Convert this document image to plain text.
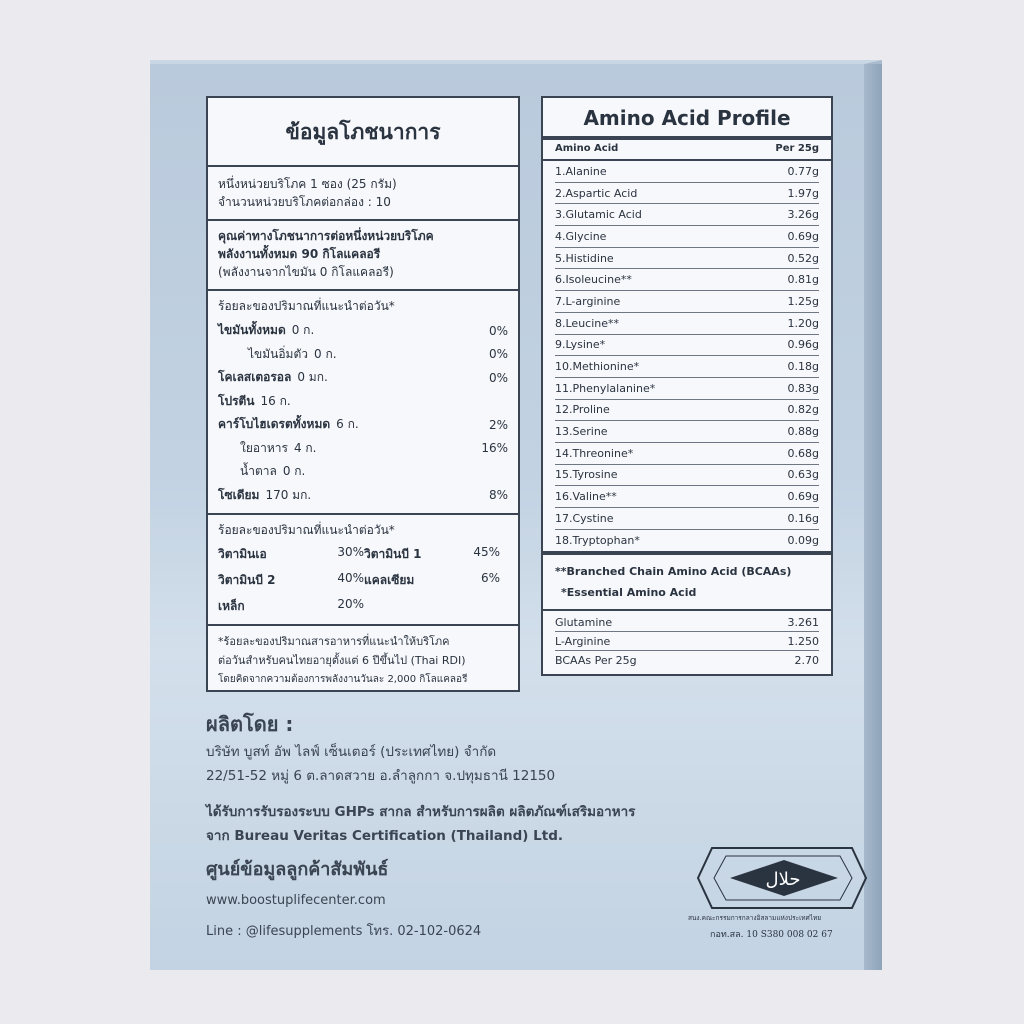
ข้อมูลโภชนาการ
หนึ่งหน่วยบริโภค 1 ซอง (25 กรัม)
จำนวนหน่วยบริโภคต่อกล่อง : 10
คุณค่าทางโภชนาการต่อหนึ่งหน่วยบริโภค
พลังงานทั้งหมด 90 กิโลแคลอรี
(พลังงานจากไขมัน 0 กิโลแคลอรี)
ร้อยละของปริมาณที่แนะนำต่อวัน*
ไขมันทั้งหมด 0 ก.	0%
ไขมันอิ่มตัว 0 ก.	0%
โคเลสเตอรอล 0 มก.	0%
โปรตีน 16 ก.
คาร์โบไฮเดรตทั้งหมด 6 ก.	2%
ใยอาหาร 4 ก.	16%
น้ำตาล 0 ก.
โซเดียม 170 มก.	8%
ร้อยละของปริมาณที่แนะนำต่อวัน*
วิตามินเอ	30% วิตามินบี 1	45%
วิตามินบี 2	40% แคลเซียม	6%
เหล็ก	20%
*ร้อยละของปริมาณสารอาหารที่แนะนำให้บริโภค
ต่อวันสำหรับคนไทยอายุตั้งแต่ 6 ปีขึ้นไป (Thai RDI)
โดยคิดจากความต้องการพลังงานวันละ 2,000 กิโลแคลอรี
Amino Acid Profile
Amino Acid	Per 25g
1.Alanine	0.77g
2.Aspartic Acid	1.97g
3.Glutamic Acid	3.26g
4.Glycine	0.69g
5.Histidine	0.52g
6.Isoleucine**	0.81g
7.L-arginine	1.25g
8.Leucine**	1.20g
9.Lysine*	0.96g
10.Methionine*	0.18g
11.Phenylalanine*	0.83g
12.Proline	0.82g
13.Serine	0.88g
14.Threonine*	0.68g
15.Tyrosine	0.63g
16.Valine**	0.69g
17.Cystine	0.16g
18.Tryptophan*	0.09g
**Branched Chain Amino Acid (BCAAs)
*Essential Amino Acid
Glutamine	3.261
L-Arginine	1.250
BCAAs Per 25g	2.70
ผลิตโดย :
บริษัท บูสท์ อัพ ไลฟ์ เซ็นเตอร์ (ประเทศไทย) จำกัด
22/51-52 หมู่ 6 ต.ลาดสวาย อ.ลำลูกกา จ.ปทุมธานี 12150
ได้รับการรับรองระบบ GHPs สากล สำหรับการผลิต ผลิตภัณฑ์เสริมอาหาร
จาก Bureau Veritas Certification (Thailand) Ltd.
ศูนย์ข้อมูลลูกค้าสัมพันธ์
www.boostuplifecenter.com
Line : @lifesupplements โทร. 02-102-0624
حلال
สนง.คณะกรรมการกลางอิสลามแห่งประเทศไทย
กอท.สล. 10 S380 008 02 67
